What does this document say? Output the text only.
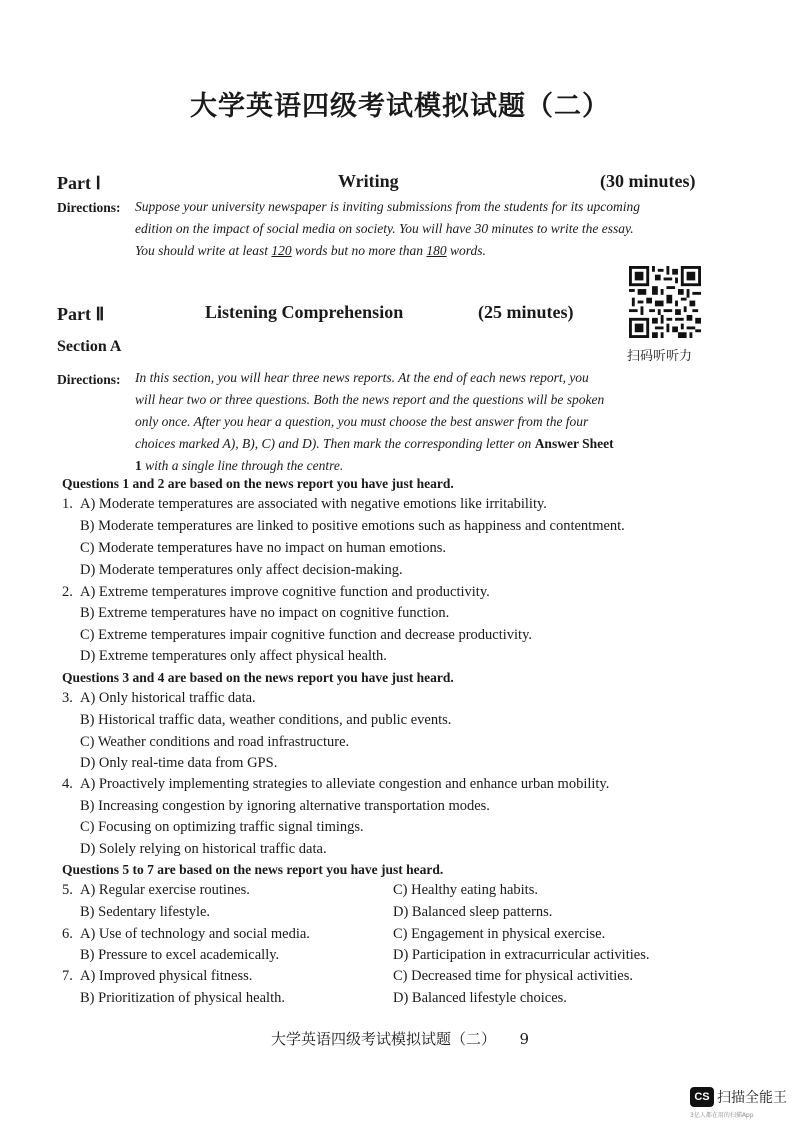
大学英语四级考试模拟试题（二）
Part Ⅰ	Writing	(30 minutes)
Directions: Suppose your university newspaper is inviting submissions from the students for its upcoming
edition on the impact of social media on society. You will have 30 minutes to write the essay.
You should write at least 120 words but no more than 180 words.
扫码听听力
Part Ⅱ	Listening Comprehension	(25 minutes)
Section A
Directions: In this section, you will hear three news reports. At the end of each news report, you
will hear two or three questions. Both the news report and the questions will be spoken
only once. After you hear a question, you must choose the best answer from the four
choices marked A), B), C) and D). Then mark the corresponding letter on Answer Sheet
1 with a single line through the centre.
Questions 1 and 2 are based on the news report you have just heard.
1. A) Moderate temperatures are associated with negative emotions like irritability.
B) Moderate temperatures are linked to positive emotions such as happiness and contentment.
C) Moderate temperatures have no impact on human emotions.
D) Moderate temperatures only affect decision-making.
2. A) Extreme temperatures improve cognitive function and productivity.
B) Extreme temperatures have no impact on cognitive function.
C) Extreme temperatures impair cognitive function and decrease productivity.
D) Extreme temperatures only affect physical health.
Questions 3 and 4 are based on the news report you have just heard.
3. A) Only historical traffic data.
B) Historical traffic data, weather conditions, and public events.
C) Weather conditions and road infrastructure.
D) Only real-time data from GPS.
4. A) Proactively implementing strategies to alleviate congestion and enhance urban mobility.
B) Increasing congestion by ignoring alternative transportation modes.
C) Focusing on optimizing traffic signal timings.
D) Solely relying on historical traffic data.
Questions 5 to 7 are based on the news report you have just heard.
5. A) Regular exercise routines.
B) Sedentary lifestyle.
C) Healthy eating habits.
D) Balanced sleep patterns.
6. A) Use of technology and social media.
B) Pressure to excel academically.
C) Engagement in physical exercise.
D) Participation in extracurricular activities.
7. A) Improved physical fitness.
B) Prioritization of physical health.
C) Decreased time for physical activities.
D) Balanced lifestyle choices.
大学英语四级考试模拟试题（二） 9
CS 扫描全能王
3亿人都在用的扫描App
